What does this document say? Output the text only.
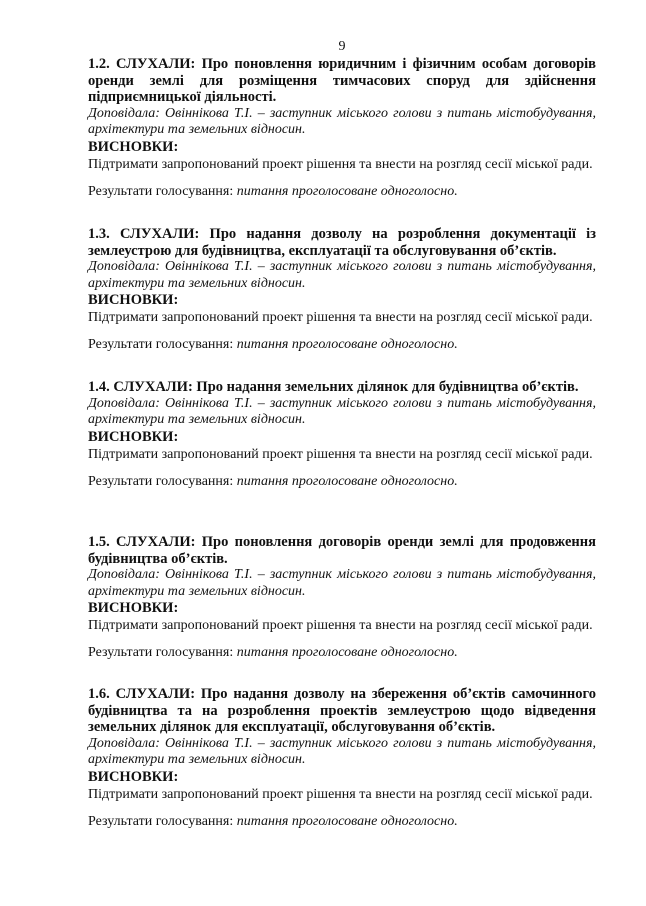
9

1.2. СЛУХАЛИ: Про поновлення юридичним і фізичним особам договорів оренди землі для розміщення тимчасових споруд для здійснення підприємницької діяльності.

Доповідала: Овіннікова Т.І. – заступник міського голови з питань містобудування, архітектури та земельних відносин.

ВИСНОВКИ:

Підтримати запропонований проект рішення та внести на розгляд сесії міської ради.

Результати голосування: питання проголосоване одноголосно.

1.3. СЛУХАЛИ: Про надання дозволу на розроблення документації із землеустрою для будівництва, експлуатації та обслуговування об’єктів.

Доповідала: Овіннікова Т.І. – заступник міського голови з питань містобудування, архітектури та земельних відносин.

ВИСНОВКИ:

Підтримати запропонований проект рішення та внести на розгляд сесії міської ради.

Результати голосування: питання проголосоване одноголосно.

1.4. СЛУХАЛИ: Про надання земельних ділянок для будівництва об’єктів.

Доповідала: Овіннікова Т.І. – заступник міського голови з питань містобудування, архітектури та земельних відносин.

ВИСНОВКИ:

Підтримати запропонований проект рішення та внести на розгляд сесії міської ради.

Результати голосування: питання проголосоване одноголосно.

1.5. СЛУХАЛИ: Про поновлення договорів оренди землі для продовження будівництва об’єктів.

Доповідала: Овіннікова Т.І. – заступник міського голови з питань містобудування, архітектури та земельних відносин.

ВИСНОВКИ:

Підтримати запропонований проект рішення та внести на розгляд сесії міської ради.

Результати голосування: питання проголосоване одноголосно.

1.6. СЛУХАЛИ: Про надання дозволу на збереження об’єктів самочинного будівництва та на розроблення проектів землеустрою щодо відведення земельних ділянок для експлуатації, обслуговування об’єктів.

Доповідала: Овіннікова Т.І. – заступник міського голови з питань містобудування, архітектури та земельних відносин.

ВИСНОВКИ:

Підтримати запропонований проект рішення та внести на розгляд сесії міської ради.

Результати голосування: питання проголосоване одноголосно.
